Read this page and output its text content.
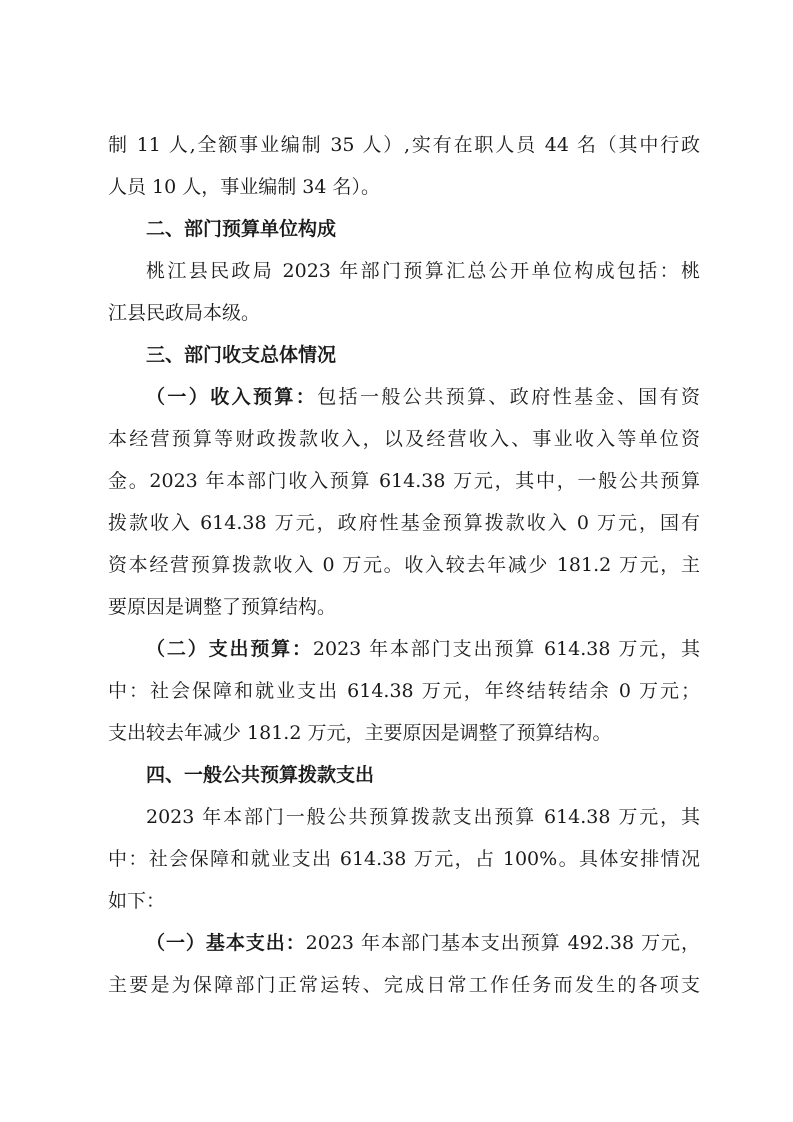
制 11 人,全额事业编制 35 人）,实有在职人员 44 名（其中行政
人员 10 人，事业编制 34 名）。
二、部门预算单位构成
桃江县民政局 2023 年部门预算汇总公开单位构成包括：桃
江县民政局本级。
三、部门收支总体情况
（一）收入预算：包括一般公共预算、政府性基金、国有资
本经营预算等财政拨款收入，以及经营收入、事业收入等单位资
金。2023 年本部门收入预算 614.38 万元，其中，一般公共预算
拨款收入 614.38 万元，政府性基金预算拨款收入 0 万元，国有
资本经营预算拨款收入 0 万元。收入较去年减少 181.2 万元，主
要原因是调整了预算结构。
（二）支出预算：2023 年本部门支出预算 614.38 万元，其
中：社会保障和就业支出 614.38 万元，年终结转结余 0 万元；
支出较去年减少 181.2 万元，主要原因是调整了预算结构。
四、一般公共预算拨款支出
2023 年本部门一般公共预算拨款支出预算 614.38 万元，其
中：社会保障和就业支出 614.38 万元，占 100%。具体安排情况
如下：
（一）基本支出：2023 年本部门基本支出预算 492.38 万元，
主要是为保障部门正常运转、完成日常工作任务而发生的各项支
